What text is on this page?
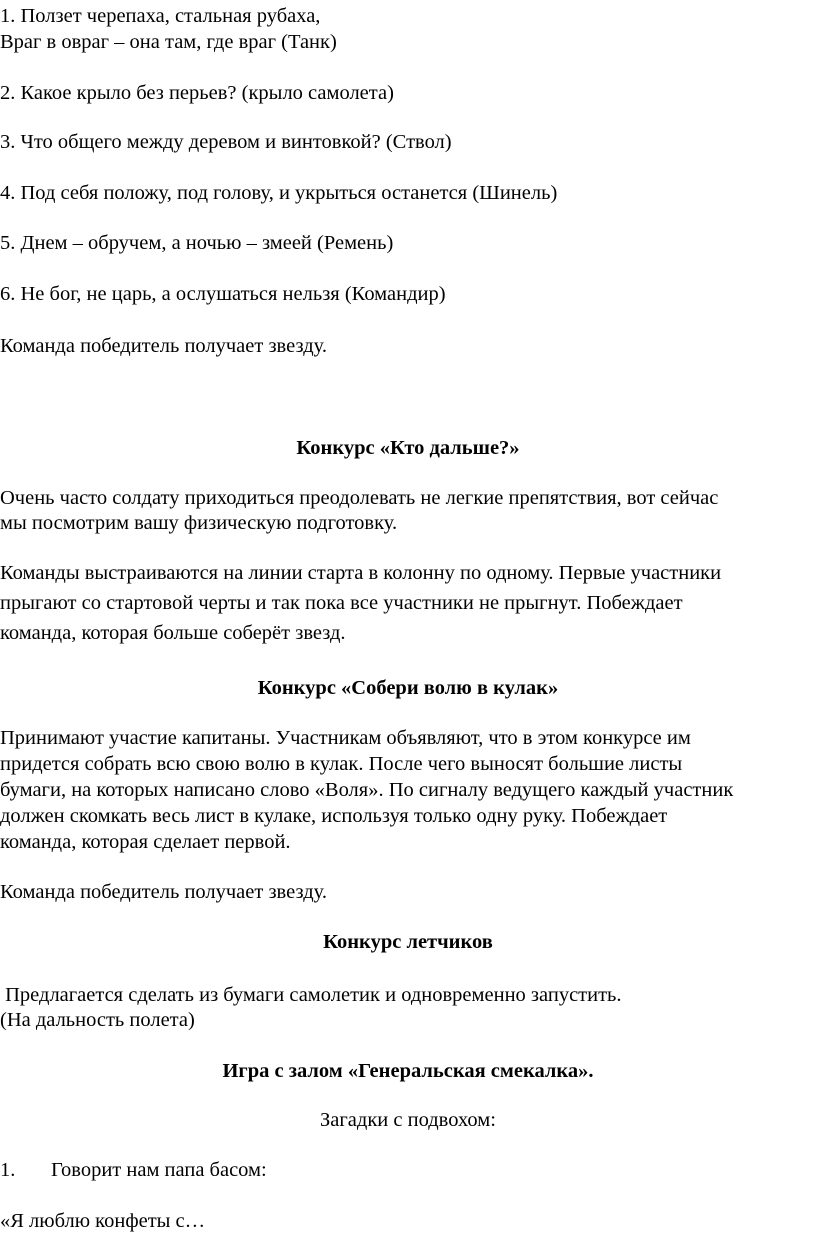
1. Ползет черепаха, стальная рубаха,
Враг в овраг – она там, где враг (Танк)
2. Какое крыло без перьев? (крыло самолета)
3. Что общего между деревом и винтовкой? (Ствол)
4. Под себя положу, под голову, и укрыться останется (Шинель)
5. Днем – обручем, а ночью – змеей (Ремень)
6. Не бог, не царь, а ослушаться нельзя (Командир)
Команда победитель получает звезду.
Конкурс «Кто дальше?»
Очень часто солдату приходиться преодолевать не легкие препятствия, вот сейчас
мы посмотрим вашу физическую подготовку.
Команды выстраиваются на линии старта в колонну по одному. Первые участники
прыгают со стартовой черты и так пока все участники не прыгнут. Побеждает
команда, которая больше соберёт звезд.
Конкурс «Собери волю в кулак»
Принимают участие капитаны. Участникам объявляют, что в этом конкурсе им
придется собрать всю свою волю в кулак. После чего выносят большие листы
бумаги, на которых написано слово «Воля». По сигналу ведущего каждый участник
должен скомкать весь лист в кулаке, используя только одну руку. Побеждает
команда, которая сделает первой.
Команда победитель получает звезду.
Конкурс летчиков
Предлагается сделать из бумаги самолетик и одновременно запустить.
(На дальность полета)
Игра с залом «Генеральская смекалка».
Загадки с подвохом:
1. Говорит нам папа басом:
«Я люблю конфеты с…
